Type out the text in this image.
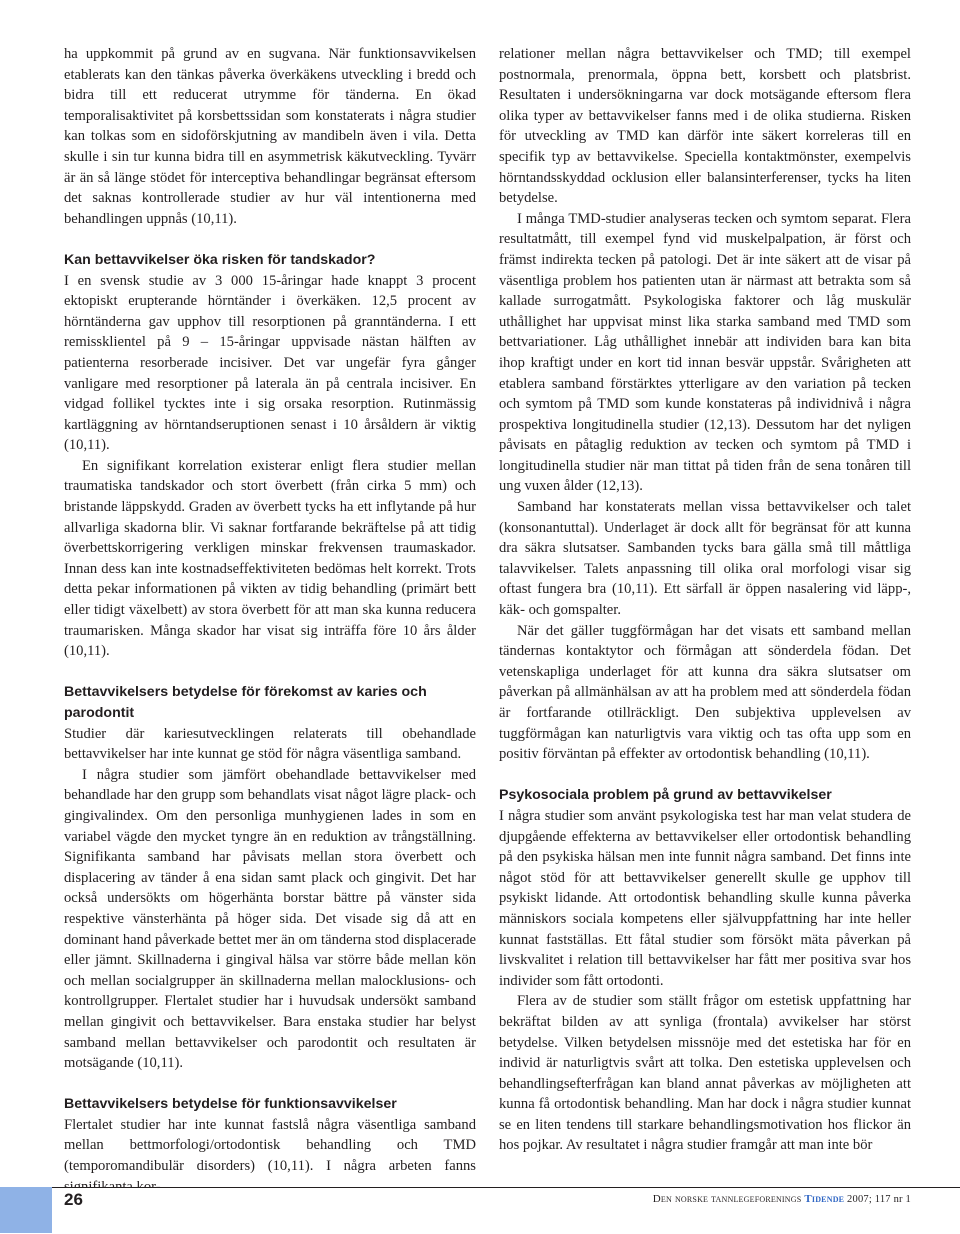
ha uppkommit på grund av en sugvana. När funktionsavvikelsen etablerats kan den tänkas påverka överkäkens utveckling i bredd och bidra till ett reducerat utrymme för tänderna. En ökad temporalisaktivitet på korsbettssidan som konstaterats i några studier kan tolkas som en sidoförskjutning av mandibeln även i vila. Detta skulle i sin tur kunna bidra till en asymmetrisk käkutveckling. Tyvärr är än så länge stödet för interceptiva behandlingar begränsat eftersom det saknas kontrollerade studier av hur väl intentionerna med behandlingen uppnås (10,11).

Kan bettavvikelser öka risken för tandskador?

I en svensk studie av 3 000 15-åringar hade knappt 3 procent ektopiskt erupterande hörntänder i överkäken. 12,5 procent av hörntänderna gav upphov till resorptionen på granntänderna. I ett remissklientel på 9 – 15-åringar uppvisade nästan hälften av patienterna resorberade incisiver. Det var ungefär fyra gånger vanligare med resorptioner på laterala än på centrala incisiver. En vidgad follikel tycktes inte i sig orsaka resorption. Rutinmässig kartläggning av hörntandseruptionen senast i 10 årsåldern är viktig (10,11).

En signifikant korrelation existerar enligt flera studier mellan traumatiska tandskador och stort överbett (från cirka 5 mm) och bristande läppskydd. Graden av överbett tycks ha ett inflytande på hur allvarliga skadorna blir. Vi saknar fortfarande bekräftelse på att tidig överbettskorrigering verkligen minskar frekvensen traumaskador. Innan dess kan inte kostnadseffektiviteten bedömas helt korrekt. Trots detta pekar informationen på vikten av tidig behandling (primärt bett eller tidigt växelbett) av stora överbett för att man ska kunna reducera traumarisken. Många skador har visat sig inträffa före 10 års ålder (10,11).

Bettavvikelsers betydelse för förekomst av karies och parodontit

Studier där kariesutvecklingen relaterats till obehandlade bettavvikelser har inte kunnat ge stöd för några väsentliga samband.

I några studier som jämfört obehandlade bettavvikelser med behandlade har den grupp som behandlats visat något lägre plack- och gingivalindex. Om den personliga munhygienen lades in som en variabel vägde den mycket tyngre än en reduktion av trångställning. Signifikanta samband har påvisats mellan stora överbett och displacering av tänder å ena sidan samt plack och gingivit. Det har också undersökts om högerhänta borstar bättre på vänster sida respektive vänsterhänta på höger sida. Det visade sig då att en dominant hand påverkade bettet mer än om tänderna stod displacerade eller jämnt. Skillnaderna i gingival hälsa var större både mellan kön och mellan socialgrupper än skillnaderna mellan malocklusions- och kontrollgrupper. Flertalet studier har i huvudsak undersökt samband mellan gingivit och bettavvikelser. Bara enstaka studier har belyst samband mellan bettavvikelser och parodontit och resultaten är motsägande (10,11).

Bettavvikelsers betydelse för funktionsavvikelser

Flertalet studier har inte kunnat fastslå några väsentliga samband mellan bettmorfologi/ortodontisk behandling och TMD (temporomandibulär disorders) (10,11). I några arbeten fanns

relationer mellan några bettavvikelser och TMD; till exempel postnormala, prenormala, öppna bett, korsbett och platsbrist. Resultaten i undersökningarna var dock motsägande eftersom flera olika typer av bettavvikelser fanns med i de olika studierna. Risken för utveckling av TMD kan därför inte säkert korreleras till en specifik typ av bettavvikelse. Speciella kontaktmönster, exempelvis hörntandsskyddad ocklusion eller balansinterferenser, tycks ha liten betydelse.

I många TMD-studier analyseras tecken och symtom separat. Flera resultatmått, till exempel fynd vid muskelpalpation, är först och främst indirekta tecken på patologi. Det är inte säkert att de visar på väsentliga problem hos patienten utan är närmast att betrakta som så kallade surrogatmått. Psykologiska faktorer och låg muskulär uthållighet har uppvisat minst lika starka samband med TMD som bettvariationer. Låg uthållighet innebär att individen bara kan bita ihop kraftigt under en kort tid innan besvär uppstår. Svårigheten att etablera samband förstärktes ytterligare av den variation på tecken och symtom på TMD som kunde konstateras på individnivå i några prospektiva longitudinella studier (12,13). Dessutom har det nyligen påvisats en påtaglig reduktion av tecken och symtom på TMD i longitudinella studier när man tittat på tiden från de sena tonåren till ung vuxen ålder (12,13).

Samband har konstaterats mellan vissa bettavvikelser och talet (konsonantuttal). Underlaget är dock allt för begränsat för att kunna dra säkra slutsatser. Sambanden tycks bara gälla små till måttliga talavvikelser. Talets anpassning till olika oral morfologi visar sig oftast fungera bra (10,11). Ett särfall är öppen nasalering vid läpp-, käk- och gomspalter.

När det gäller tuggförmågan har det visats ett samband mellan tändernas kontaktytor och förmågan att sönderdela födan. Det vetenskapliga underlaget för att kunna dra säkra slutsatser om påverkan på allmänhälsan av att ha problem med att sönderdela födan är fortfarande otillräckligt. Den subjektiva upplevelsen av tuggförmågan kan naturligtvis vara viktig och tas ofta upp som en positiv förväntan på effekter av ortodontisk behandling (10,11).

Psykosociala problem på grund av bettavvikelser

I några studier som använt psykologiska test har man velat studera de djupgående effekterna av bettavvikelser eller ortodontisk behandling på den psykiska hälsan men inte funnit några samband. Det finns inte något stöd för att bettavvikelser generellt skulle ge upphov till psykiskt lidande. Att ortodontisk behandling skulle kunna påverka människors sociala kompetens eller självuppfattning har inte heller kunnat fastställas. Ett fåtal studier som försökt mäta påverkan på livskvalitet i relation till bettavvikelser har fått mer positiva svar hos individer som fått ortodonti.

Flera av de studier som ställt frågor om estetisk uppfattning har bekräftat bilden av att synliga (frontala) avvikelser har störst betydelse. Vilken betydelsen missnöje med det estetiska har för en individ är naturligtvis svårt att tolka. Den estetiska upplevelsen och behandlingsefterfrågan kan bland annat påverkas av möjligheten att kunna få ortodontisk behandling. Man har dock i några studier kunnat se en liten tendens till starkare behandlingsmotivation hos flickor än hos pojkar. Av resultatet i några studier framgår att man inte bör

26	Den norske tannlegeforenings Tidende 2007; 117 nr 1
